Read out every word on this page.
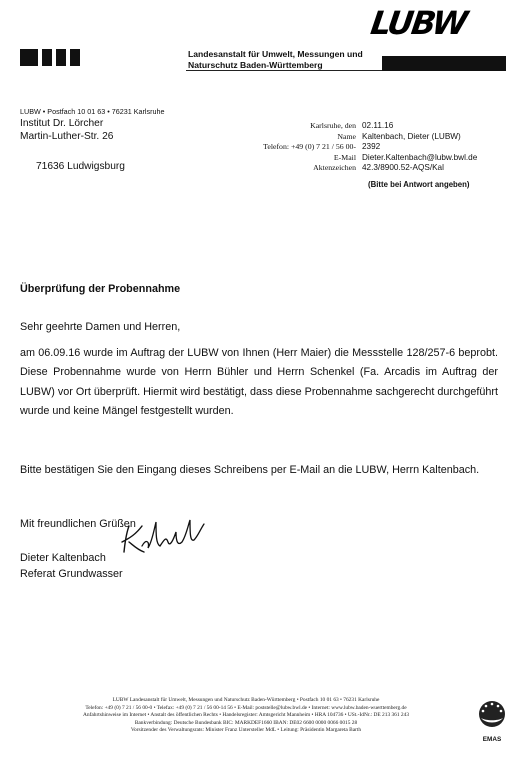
LUBW
Landesanstalt für Umwelt, Messungen und
Naturschutz Baden-Württemberg
LUBW • Postfach 10 01 63 • 76231 Karlsruhe
Institut Dr. Lörcher
Martin-Luther-Str. 26
71636 Ludwigsburg
Karlsruhe, den 02.11.16
Name Kaltenbach, Dieter (LUBW)
Telefon: +49 (0) 7 21 / 56 00- 2392
E-Mail Dieter.Kaltenbach@lubw.bwl.de
Aktenzeichen 42.3/8900.52-AQS/Kal
(Bitte bei Antwort angeben)
Überprüfung der Probennahme
Sehr geehrte Damen und Herren,
am 06.09.16 wurde im Auftrag der LUBW von Ihnen (Herr Maier) die Messstelle 128/257-6 beprobt. Diese Probennahme wurde von Herrn Bühler und Herrn Schenkel (Fa. Arcadis im Auftrag der LUBW) vor Ort überprüft. Hiermit wird bestätigt, dass diese Probennahme sachgerecht durchgeführt wurde und keine Mängel festgestellt wurden.
Bitte bestätigen Sie den Eingang dieses Schreibens per E-Mail an die LUBW, Herrn Kaltenbach.
Mit freundlichen Grüßen
Dieter Kaltenbach
Referat Grundwasser
LUBW Landesanstalt für Umwelt, Messungen und Naturschutz Baden-Württemberg • Postfach 10 01 63 • 76231 Karlsruhe
Telefon: +49 (0) 7 21 / 56 00-0 • Telefax: +49 (0) 7 21 / 56 00-14 56 • E-Mail: poststelle@lubw.bwl.de • Internet: www.lubw.baden-wuerttemberg.de
Anfahrtshinweise im Internet • Anstalt des öffentlichen Rechts • Handelsregister: Amtsgericht Mannheim • HRA 104736 • USt.-IdNr.: DE 213 361 243
Bankverbindung: Deutsche Bundesbank BIC: MARKDEF1660 IBAN: DE02 6600 0000 0066 0015 28
Vorsitzender des Verwaltungsrats: Minister Franz Untersteller MdL • Leitung: Präsidentin Margareta Barth
EMAS
